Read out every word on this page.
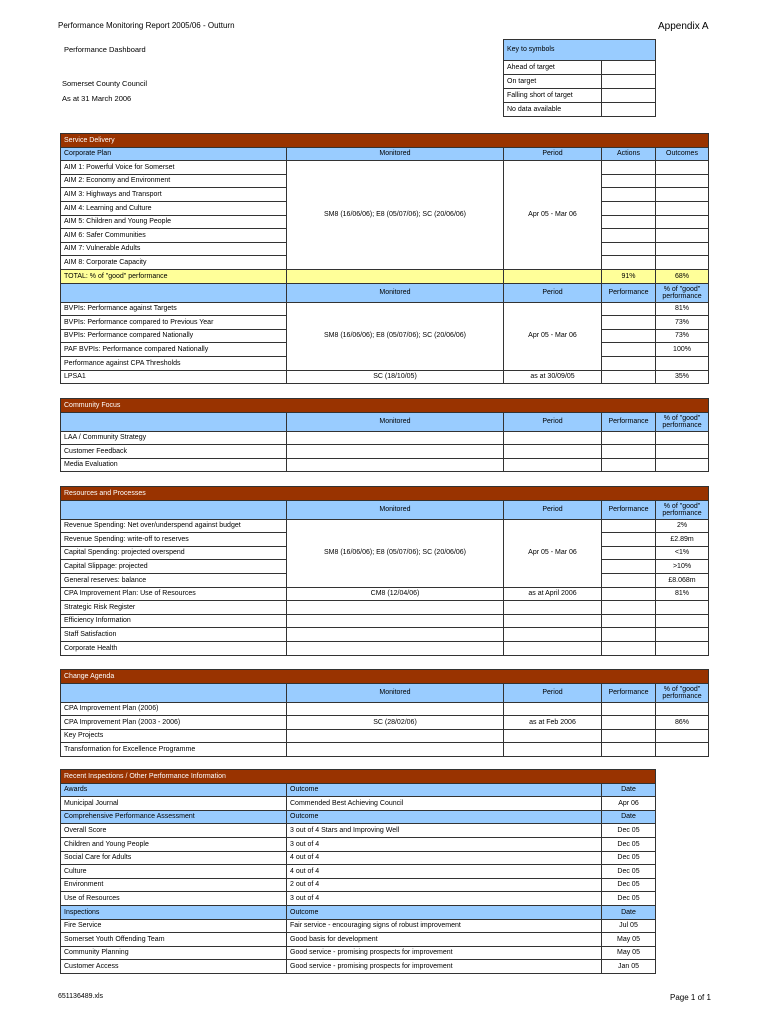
Performance Monitoring Report 2005/06 - Outturn	Appendix A
Performance Dashboard
Somerset County Council
As at 31 March 2006
Key to symbols	
Ahead of target	
On target	
Falling short of target	
No data available	
Service Delivery				
Corporate Plan	Monitored	Period	Actions	Outcomes
AIM 1: Powerful Voice for Somerset	SM8 (16/06/06); E8 (05/07/06); SC (20/06/06)	Apr 05 - Mar 06		
AIM 2: Economy and Environment				
AIM 3: Highways and Transport				
AIM 4: Learning and Culture				
AIM 5: Children and Young People				
AIM 6: Safer Communities				
AIM 7: Vulnerable Adults				
AIM 8: Corporate Capacity				
TOTAL: % of "good" performance			91%	68%
	Monitored	Period	Performance	% of "good" performance
BVPIs: Performance against Targets	SM8 (16/06/06); E8 (05/07/06); SC (20/06/06)	Apr 05 - Mar 06		81%
BVPIs: Performance compared to Previous Year				73%
BVPIs: Performance compared Nationally				73%
PAF BVPIs: Performance compared Nationally				100%
Performance against CPA Thresholds				
LPSA1	SC (18/10/05)	as at 30/09/05		35%
Community Focus				
	Monitored	Period	Performance	% of "good" performance
LAA / Community Strategy				
Customer Feedback				
Media Evaluation				
Resources and Processes				
	Monitored	Period	Performance	% of "good" performance
Revenue Spending: Net over/underspend against budget	SM8 (16/06/06); E8 (05/07/06); SC (20/06/06)	Apr 05 - Mar 06		2%
Revenue Spending: write-off to reserves				£2.89m
Capital Spending: projected overspend				<1%
Capital Slippage: projected				>10%
General reserves: balance				£8.068m
CPA Improvement Plan: Use of Resources	CM8 (12/04/06)	as at April 2006		81%
Strategic Risk Register				
Efficiency Information				
Staff Satisfaction				
Corporate Health				
Change Agenda				
	Monitored	Period	Performance	% of "good" performance
CPA Improvement Plan (2006)				
CPA Improvement Plan (2003 - 2006)	SC (28/02/06)	as at Feb 2006		86%
Key Projects				
Transformation for Excellence Programme				
Recent Inspections / Other Performance Information		
Awards	Outcome	Date
Municipal Journal	Commended Best Achieving Council	Apr 06
Comprehensive Performance Assessment	Outcome	Date
Overall Score	3 out of 4 Stars and Improving Well	Dec 05
Children and Young People	3 out of 4	Dec 05
Social Care for Adults	4 out of 4	Dec 05
Culture	4 out of 4	Dec 05
Environment	2 out of 4	Dec 05
Use of Resources	3 out of 4	Dec 05
Inspections	Outcome	Date
Fire Service	Fair service - encouraging signs of robust improvement	Jul 05
Somerset Youth Offending Team	Good basis for development	May 05
Community Planning	Good service - promising prospects for improvement	May 05
Customer Access	Good service - promising prospects for improvement	Jan 05
651136489.xls	Page 1 of 1
